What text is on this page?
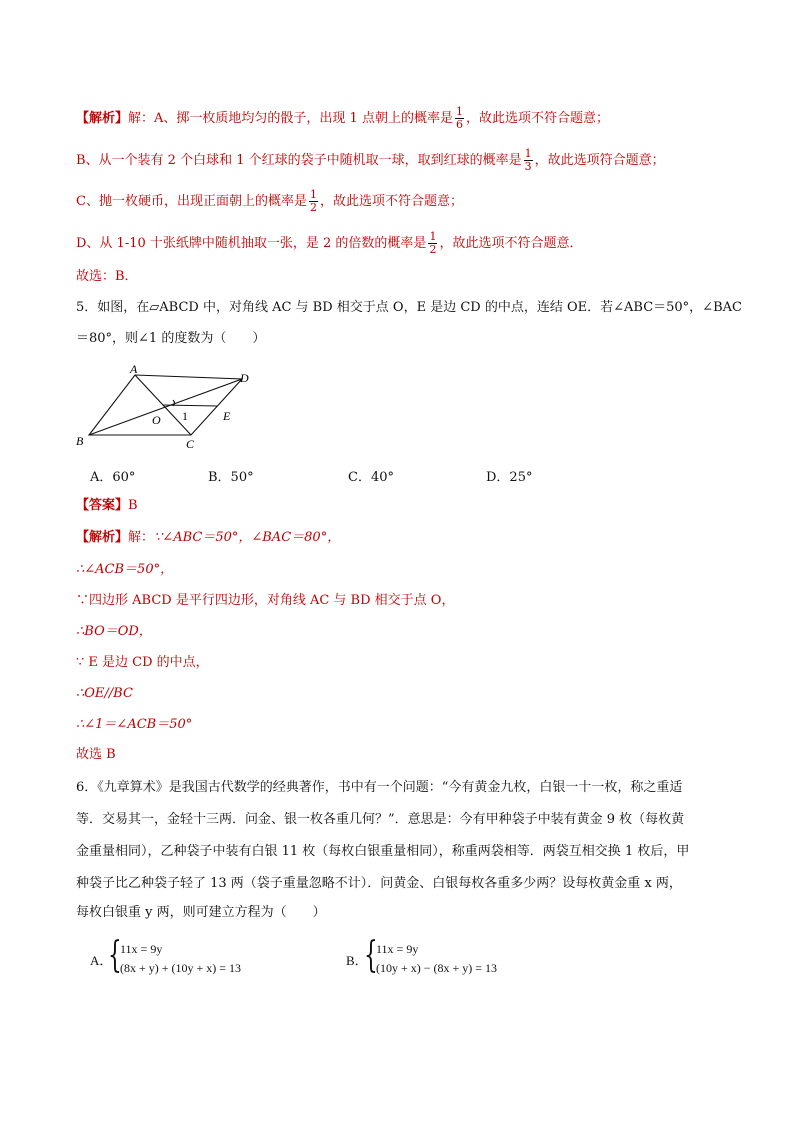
【解析】解：A、掷一枚质地均匀的骰子，出现 1 点朝上的概率是 $\frac{1}{6}$ ，故此选项不符合题意；
B、从一个装有 2 个白球和 1 个红球的袋子中随机取一球，取到红球的概率是 $\frac{1}{3}$ ，故此选项符合题意；
C、抛一枚硬币，出现正面朝上的概率是 $\frac{1}{2}$ ，故此选项不符合题意；
D、从 1-10 十张纸牌中随机抽取一张，是 2 的倍数的概率是 $\frac{1}{2}$ ，故此选项不符合题意．
故选：B．
5．如图，在▱ABCD 中，对角线 AC 与 BD 相交于点 O，E 是边 CD 的中点，连结 OE．若∠ABC＝50°，∠BAC
＝80°，则∠1 的度数为（　　）
A
D
B	C
O	E
1
A．60°	B．50°	C．40°	D．25°
【答案】B
【解析】解：∵∠ABC＝50°，∠BAC＝80°，
∴∠ACB＝50°，
∵四边形 ABCD 是平行四边形，对角线 AC 与 BD 相交于点 O，
∴BO＝OD，
∵ E 是边 CD 的中点，
∴OE//BC
∴∠1＝∠ACB＝50°
故选 B
6．《九章算术》是我国古代数学的经典著作，书中有一个问题：“今有黄金九枚，白银一十一枚，称之重适
等．交易其一，金轻十三两．问金、银一枚各重几何？”．意思是：今有甲种袋子中装有黄金 9 枚（每枚黄
金重量相同），乙种袋子中装有白银 11 枚（每枚白银重量相同），称重两袋相等．两袋互相交换 1 枚后，甲
种袋子比乙种袋子轻了 13 两（袋子重量忽略不计）．问黄金、白银每枚各重多少两？设每枚黄金重 x 两，
每枚白银重 y 两，则可建立方程为（　　）
A．
{
11x = 9y
(8x + y) + (10y + x) = 13	B．
{
11x = 9y
(10y + x) − (8x + y) = 13
